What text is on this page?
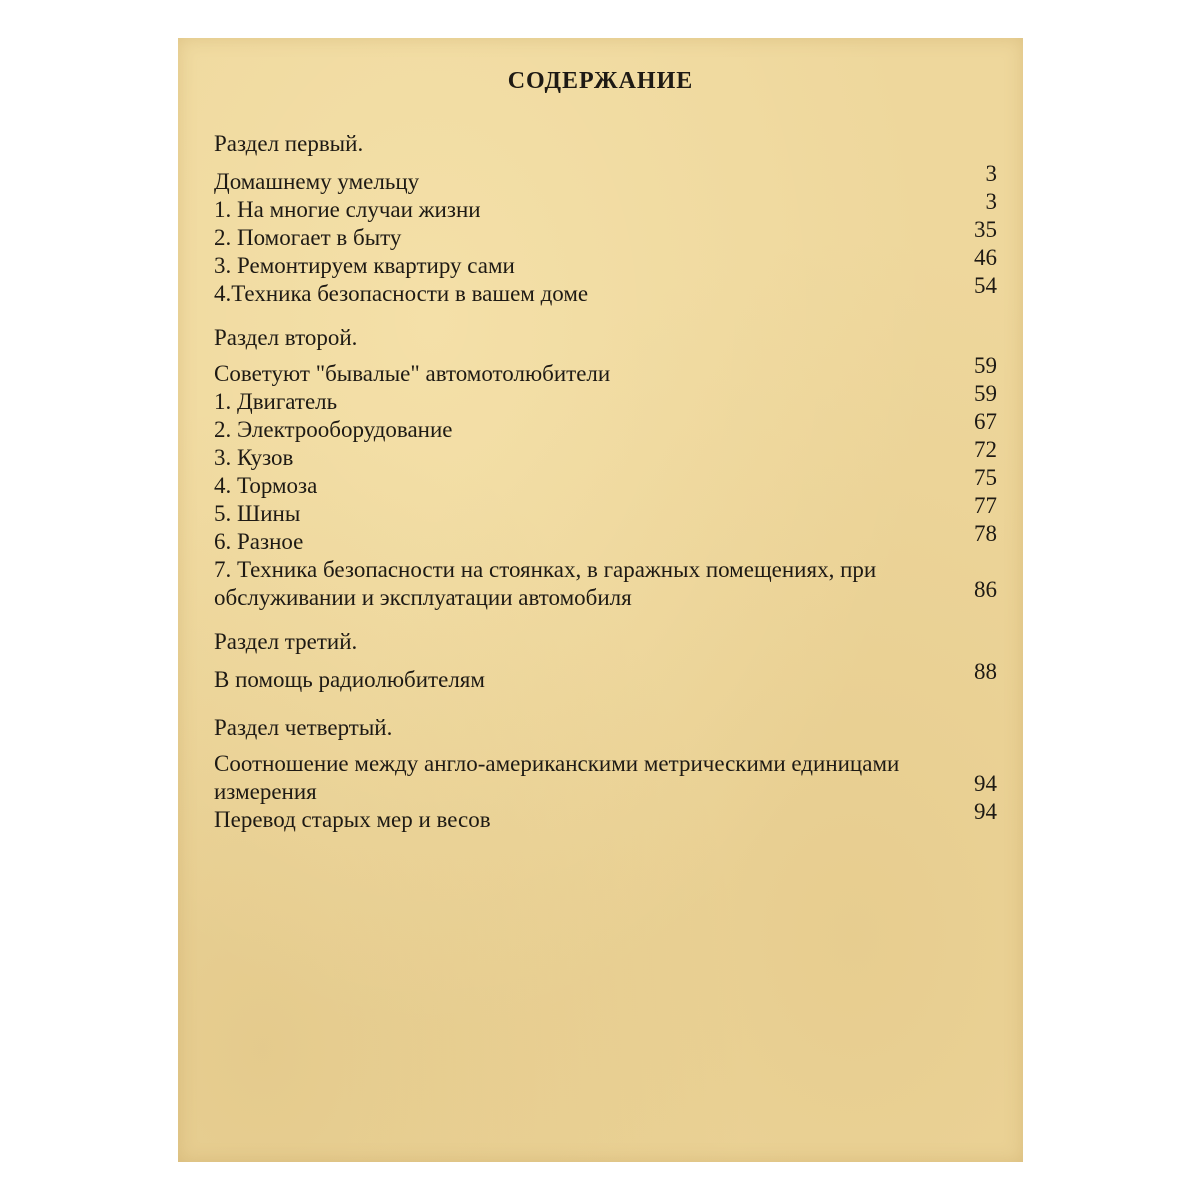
СОДЕРЖАНИЕ
Раздел первый.
Домашнему умельцу	3
1. На многие случаи жизни	3
2. Помогает в быту	35
3. Ремонтируем квартиру сами	46
4.Техника безопасности в вашем доме	54
Раздел второй.
Советуют "бывалые" автомотолюбители	59
1. Двигатель	59
2. Электрооборудование	67
3. Кузов	72
4. Тормоза	75
5. Шины	77
6. Разное	78
7. Техника безопасности на стоянках, в гаражных помещениях, при
обслуживании и эксплуатации автомобиля	86
Раздел третий.
В помощь радиолюбителям	88
Раздел четвертый.
Соотношение между англо-американскими метрическими единицами
измерения	94
Перевод старых мер и весов	94
